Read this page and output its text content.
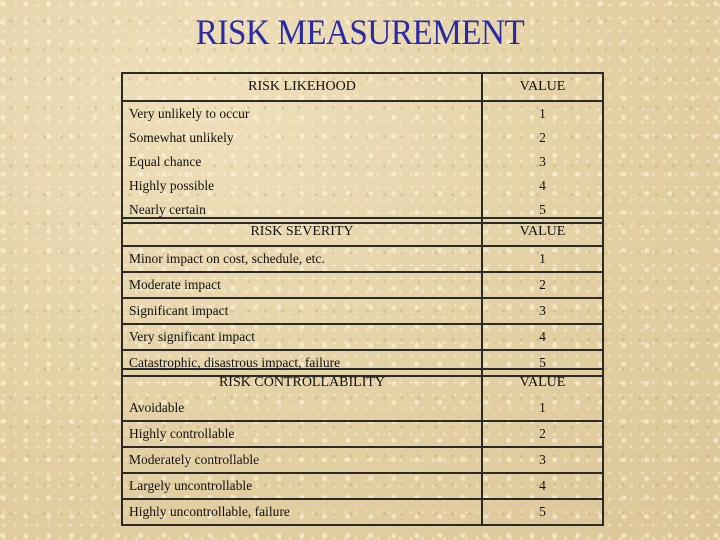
RISK MEASUREMENT
RISK LIKEHOOD	VALUE
Very unlikely to occur	1
Somewhat unlikely	2
Equal chance	3
Highly possible	4
Nearly certain	5
RISK SEVERITY	VALUE
Minor impact on cost, schedule, etc.	1
Moderate impact	2
Significant impact	3
Very significant impact	4
Catastrophic, disastrous impact, failure	5
RISK CONTROLLABILITY	VALUE
Avoidable	1
Highly controllable	2
Moderately controllable	3
Largely uncontrollable	4
Highly uncontrollable, failure	5
